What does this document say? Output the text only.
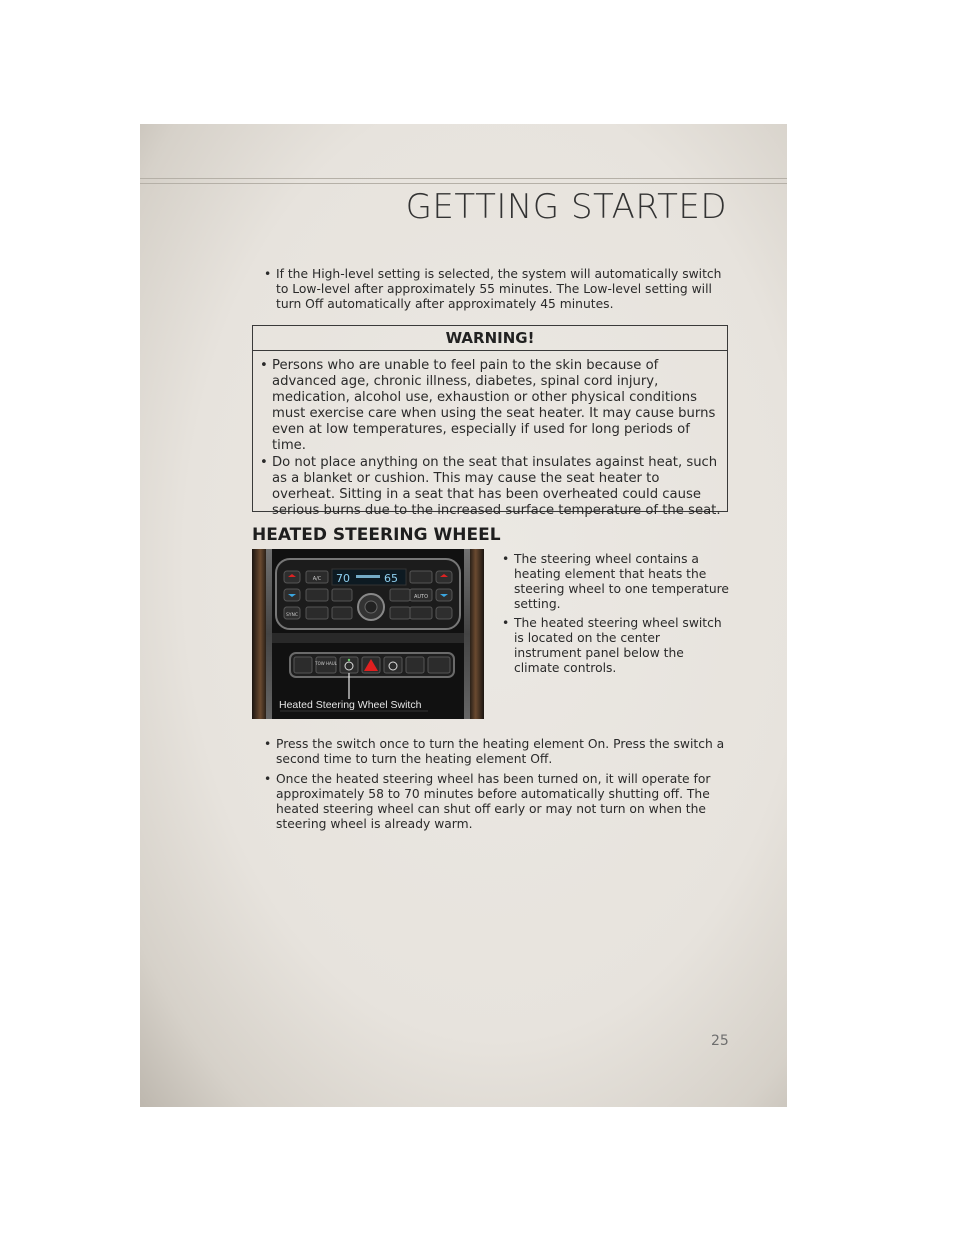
GETTING STARTED
• If the High-level setting is selected, the system will automatically switch to Low-level after approximately 55 minutes. The Low-level setting will turn Off automatically after approximately 45 minutes.
WARNING!
• Persons who are unable to feel pain to the skin because of advanced age, chronic illness, diabetes, spinal cord injury, medication, alcohol use, exhaustion or other physical conditions must exercise care when using the seat heater. It may cause burns even at low temperatures, especially if used for long periods of time.
• Do not place anything on the seat that insulates against heat, such as a blanket or cushion. This may cause the seat heater to overheat. Sitting in a seat that has been overheated could cause serious burns due to the increased surface temperature of the seat.
HEATED STEERING WHEEL
A/C 70	65
AUTO
SYNC
TOW HAUL
Heated Steering Wheel Switch
• The steering wheel contains a heating element that heats the steering wheel to one temperature setting.
• The heated steering wheel switch is located on the center instrument panel below the climate controls.
• Press the switch once to turn the heating element On. Press the switch a second time to turn the heating element Off.
• Once the heated steering wheel has been turned on, it will operate for approximately 58 to 70 minutes before automatically shutting off. The heated steering wheel can shut off early or may not turn on when the steering wheel is already warm.
25
